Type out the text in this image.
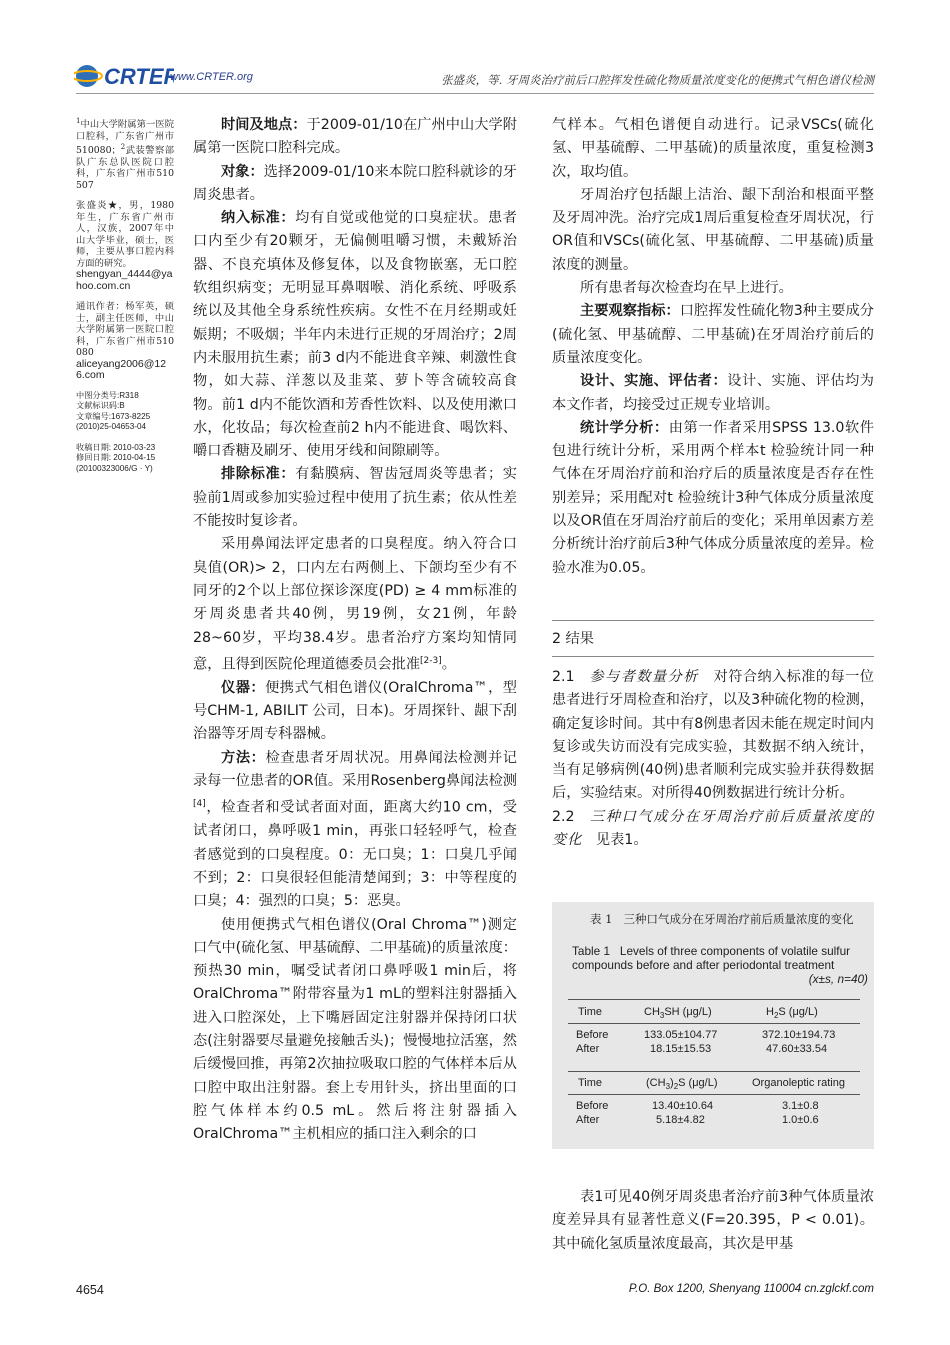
CRTER
www.CRTER.org	张盛炎，等. 牙周炎治疗前后口腔挥发性硫化物质量浓度变化的便携式气相色谱仪检测

$^1$中山大学附属第一医院口腔科，广东省广州市510080；$^2$武装警察部队广东总队医院口腔科，广东省广州市510507

张盛炎★，男，1980年生，广东省广州市人，汉族，2007年中山大学毕业，硕士，医师，主要从事口腔内科方面的研究。
shengyan_4444@yahoo.com.cn

通讯作者：杨军英，硕士，副主任医师，中山大学附属第一医院口腔科，广东省广州市510080
aliceyang2006@126.com

中图分类号:R318
文献标识码:B
文章编号:1673-8225
(2010)25-04653-04
收稿日期: 2010-03-23
修回日期: 2010-04-15
(20100323006/G · Y)

时间及地点：于2009-01/10在广州中山大学附属第一医院口腔科完成。

对象：选择2009-01/10来本院口腔科就诊的牙周炎患者。

纳入标准：均有自觉或他觉的口臭症状。患者口内至少有20颗牙，无偏侧咀嚼习惯，未戴矫治器、不良充填体及修复体，以及食物嵌塞，无口腔软组织病变；无明显耳鼻咽喉、消化系统、呼吸系统以及其他全身系统性疾病。女性不在月经期或妊娠期；不吸烟；半年内未进行正规的牙周治疗；2周内未服用抗生素；前3 d内不能进食辛辣、刺激性食物，如大蒜、洋葱以及韭菜、萝卜等含硫较高食物。前1 d内不能饮酒和芳香性饮料、以及使用漱口水，化妆品；每次检查前2 h内不能进食、喝饮料、嚼口香糖及刷牙、使用牙线和间隙刷等。

排除标准：有黏膜病、智齿冠周炎等患者；实验前1周或参加实验过程中使用了抗生素；依从性差不能按时复诊者。

采用鼻闻法评定患者的口臭程度。纳入符合口臭值(OR)> 2，口内左右两侧上、下颌均至少有不同牙的2个以上部位探诊深度(PD) ≥ 4 mm标准的牙周炎患者共40例，男19例，女21例，年龄28~60岁，平均38.4岁。患者治疗方案均知情同意，且得到医院伦理道德委员会批准[2-3]。

仪器：便携式气相色谱仪(OralChroma™，型号CHM-1, ABILIT 公司，日本)。牙周探针、龈下刮治器等牙周专科器械。

方法：检查患者牙周状况。用鼻闻法检测并记录每一位患者的OR值。采用Rosenberg鼻闻法检测[4]，检查者和受试者面对面，距离大约10 cm，受试者闭口，鼻呼吸1 min，再张口轻轻呼气，检查者感觉到的口臭程度。0：无口臭；1：口臭几乎闻不到；2：口臭很轻但能清楚闻到；3：中等程度的口臭；4：强烈的口臭；5：恶臭。

使用便携式气相色谱仪(Oral Chroma™)测定口气中(硫化氢、甲基硫醇、二甲基硫)的质量浓度：预热30 min，嘱受试者闭口鼻呼吸1 min后，将OralChroma™附带容量为1 mL的塑料注射器插入进入口腔深处，上下嘴唇固定注射器并保持闭口状态(注射器要尽量避免接触舌头)；慢慢地拉活塞，然后缓慢回推，再第2次抽拉吸取口腔的气体样本后从口腔中取出注射器。套上专用针头，挤出里面的口腔气体样本约0.5 mL。然后将注射器插入OralChroma™主机相应的插口注入剩余的口

气样本。气相色谱便自动进行。记录VSCs(硫化氢、甲基硫醇、二甲基硫)的质量浓度，重复检测3次，取均值。

牙周治疗包括龈上洁治、龈下刮治和根面平整及牙周冲洗。治疗完成1周后重复检查牙周状况，行OR值和VSCs(硫化氢、甲基硫醇、二甲基硫)质量浓度的测量。

所有患者每次检查均在早上进行。

主要观察指标：口腔挥发性硫化物3种主要成分(硫化氢、甲基硫醇、二甲基硫)在牙周治疗前后的质量浓度变化。

设计、实施、评估者：设计、实施、评估均为本文作者，均接受过正规专业培训。

统计学分析：由第一作者采用SPSS 13.0软件包进行统计分析，采用两个样本t 检验统计同一种气体在牙周治疗前和治疗后的质量浓度是否存在性别差异；采用配对t 检验统计3种气体成分质量浓度以及OR值在牙周治疗前后的变化；采用单因素方差分析统计治疗前后3种气体成分质量浓度的差异。检验水准为0.05。

2 结果

2.1 参与者数量分析 对符合纳入标准的每一位患者进行牙周检查和治疗，以及3种硫化物的检测，确定复诊时间。其中有8例患者因未能在规定时间内复诊或失访而没有完成实验，其数据不纳入统计，当有足够病例(40例)患者顺利完成实验并获得数据后，实验结束。对所得40例数据进行统计分析。

2.2 三种口气成分在牙周治疗前后质量浓度的变化 见表1。

表 1 三种口气成分在牙周治疗前后质量浓度的变化
Table 1 Levels of three components of volatile sulfur compounds before and after periodontal treatment
(x±s, n=40)
Time	$CH_3SH$ (μg/L)	$H_2S$ (μg/L)
Before	133.05±104.77	372.10±194.73
After	18.15±15.53	47.60±33.54
Time	$(CH_3)_2S$ (μg/L)	Organoleptic rating
Before	13.40±10.64	3.1±0.8
After	5.18±4.82	1.0±0.6

表1可见40例牙周炎患者治疗前3种气体质量浓度差异具有显著性意义(F=20.395，P < 0.01)。其中硫化氢质量浓度最高，其次是甲基

4654	P.O. Box 1200, Shenyang 110004 cn.zglckf.com
